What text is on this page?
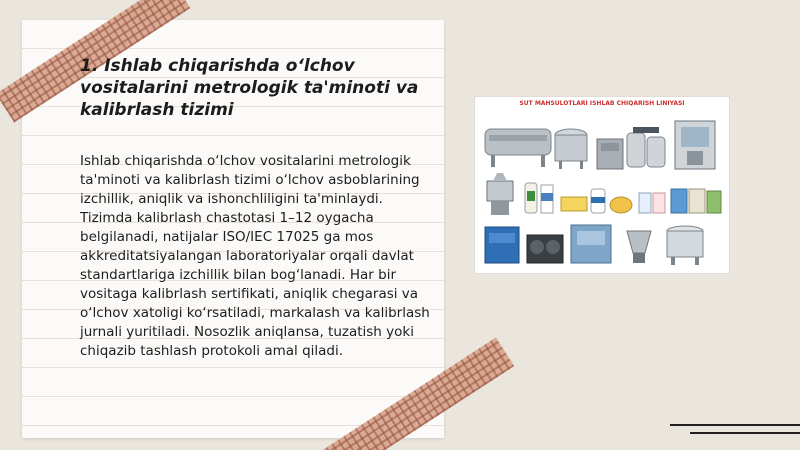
1. Ishlab chiqarishda o‘lchov vositalarini metrologik ta'minoti va kalibrlash tizimi

Ishlab chiqarishda o‘lchov vositalarini metrologik ta'minoti va kalibrlash tizimi o‘lchov asboblarining izchillik, aniqlik va ishonchliligini ta'minlaydi. Tizimda kalibrlash chastotasi 1–12 oygacha belgilanadi, natijalar ISO/IEC 17025 ga mos akkreditatsiyalangan laboratoriyalar orqali davlat standartlariga izchillik bilan bog‘lanadi. Har bir vositaga kalibrlash sertifikati, aniqlik chegarasi va o‘lchov xatoligi ko‘rsatiladi, markalash va kalibrlash jurnali yuritiladi. Nosozlik aniqlansa, tuzatish yoki chiqazib tashlash protokoli amal qiladi.

SUT MAHSULOTLARI ISHLAB CHIQARISH LINIYASI
